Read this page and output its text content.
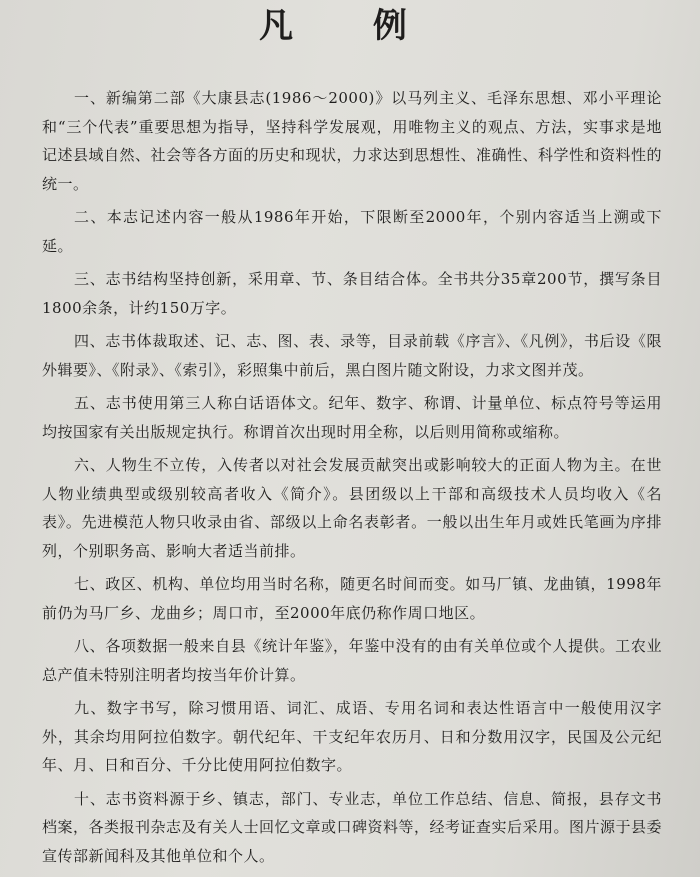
凡 例

一、新编第二部《大康县志(1986～2000)》以马列主义、毛泽东思想、邓小平理论和“三个代表”重要思想为指导，坚持科学发展观，用唯物主义的观点、方法，实事求是地记述县域自然、社会等各方面的历史和现状，力求达到思想性、准确性、科学性和资料性的统一。

二、本志记述内容一般从1986年开始，下限断至2000年，个别内容适当上溯或下延。

三、志书结构坚持创新，采用章、节、条目结合体。全书共分35章200节，撰写条目1800余条，计约150万字。

四、志书体裁取述、记、志、图、表、录等，目录前载《序言》、《凡例》，书后设《限外辑要》、《附录》、《索引》，彩照集中前后，黑白图片随文附设，力求文图并茂。

五、志书使用第三人称白话语体文。纪年、数字、称谓、计量单位、标点符号等运用均按国家有关出版规定执行。称谓首次出现时用全称，以后则用简称或缩称。

六、人物生不立传，入传者以对社会发展贡献突出或影响较大的正面人物为主。在世人物业绩典型或级别较高者收入《简介》。县团级以上干部和高级技术人员均收入《名表》。先进模范人物只收录由省、部级以上命名表彰者。一般以出生年月或姓氏笔画为序排列，个别职务高、影响大者适当前排。

七、政区、机构、单位均用当时名称，随更名时间而变。如马厂镇、龙曲镇，1998年前仍为马厂乡、龙曲乡；周口市，至2000年底仍称作周口地区。

八、各项数据一般来自县《统计年鉴》，年鉴中没有的由有关单位或个人提供。工农业总产值未特别注明者均按当年价计算。

九、数字书写，除习惯用语、词汇、成语、专用名词和表达性语言中一般使用汉字外，其余均用阿拉伯数字。朝代纪年、干支纪年农历月、日和分数用汉字，民国及公元纪年、月、日和百分、千分比使用阿拉伯数字。

十、志书资料源于乡、镇志，部门、专业志，单位工作总结、信息、简报，县存文书档案，各类报刊杂志及有关人士回忆文章或口碑资料等，经考证查实后采用。图片源于县委宣传部新闻科及其他单位和个人。
